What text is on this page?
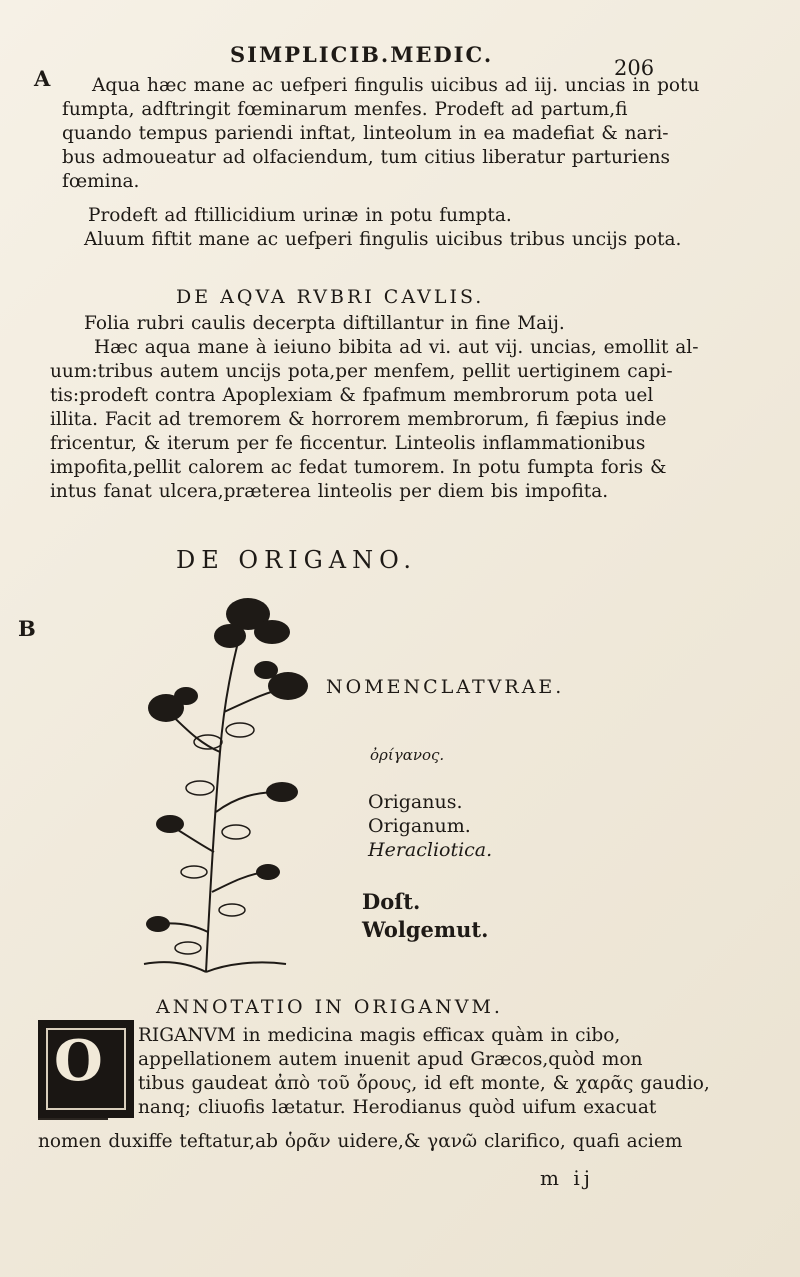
SIMPLICIB.MEDIC.
206
A
B
Aqua hæc mane ac uefperi fingulis uicibus ad iij. uncias in potu
fumpta, adftringit fœminarum menfes. Prodeft ad partum,fi
quando tempus pariendi inftat, linteolum in ea madefiat & nari-
bus admoueatur ad olfaciendum, tum citius liberatur parturiens
fœmina.
Prodeft ad ftillicidium urinæ in potu fumpta.
Aluum fiftit mane ac uefperi fingulis uicibus tribus uncijs pota.
DE AQVA RVBRI CAVLIS.
Folia rubri caulis decerpta diftillantur in fine Maij.
Hæc aqua mane à ieiuno bibita ad vi. aut vij. uncias, emollit al-
uum:tribus autem uncijs pota,per menfem, pellit uertiginem capi-
tis:prodeft contra Apoplexiam & fpafmum membrorum pota uel
illita. Facit ad tremorem & horrorem membrorum, fi fæpius inde
fricentur, & iterum per fe ficcentur. Linteolis inflammationibus
impofita,pellit calorem ac fedat tumorem. In potu fumpta foris &
intus fanat ulcera,præterea linteolis per diem bis impofita.
DE ORIGANO.
NOMENCLATVRAE.
ὀρίγανος.
Origanus.
Origanum.
Heracliotica.
Doſt.
Wolgemut.
ANNOTATIO IN ORIGANVM.
O RIGANVM in medicina magis efficax quàm in cibo,
appellationem autem inuenit apud Græcos,quòd mon
tibus gaudeat ἀπὸ τοῦ ὄρους, id eft monte, & χαρᾶς gaudio,
nanq; cliuofis lætatur. Herodianus quòd uifum exacuat
nomen duxiffe teftatur,ab ὁρᾶν uidere,& γανῶ clarifico, quafi aciem
m ij
